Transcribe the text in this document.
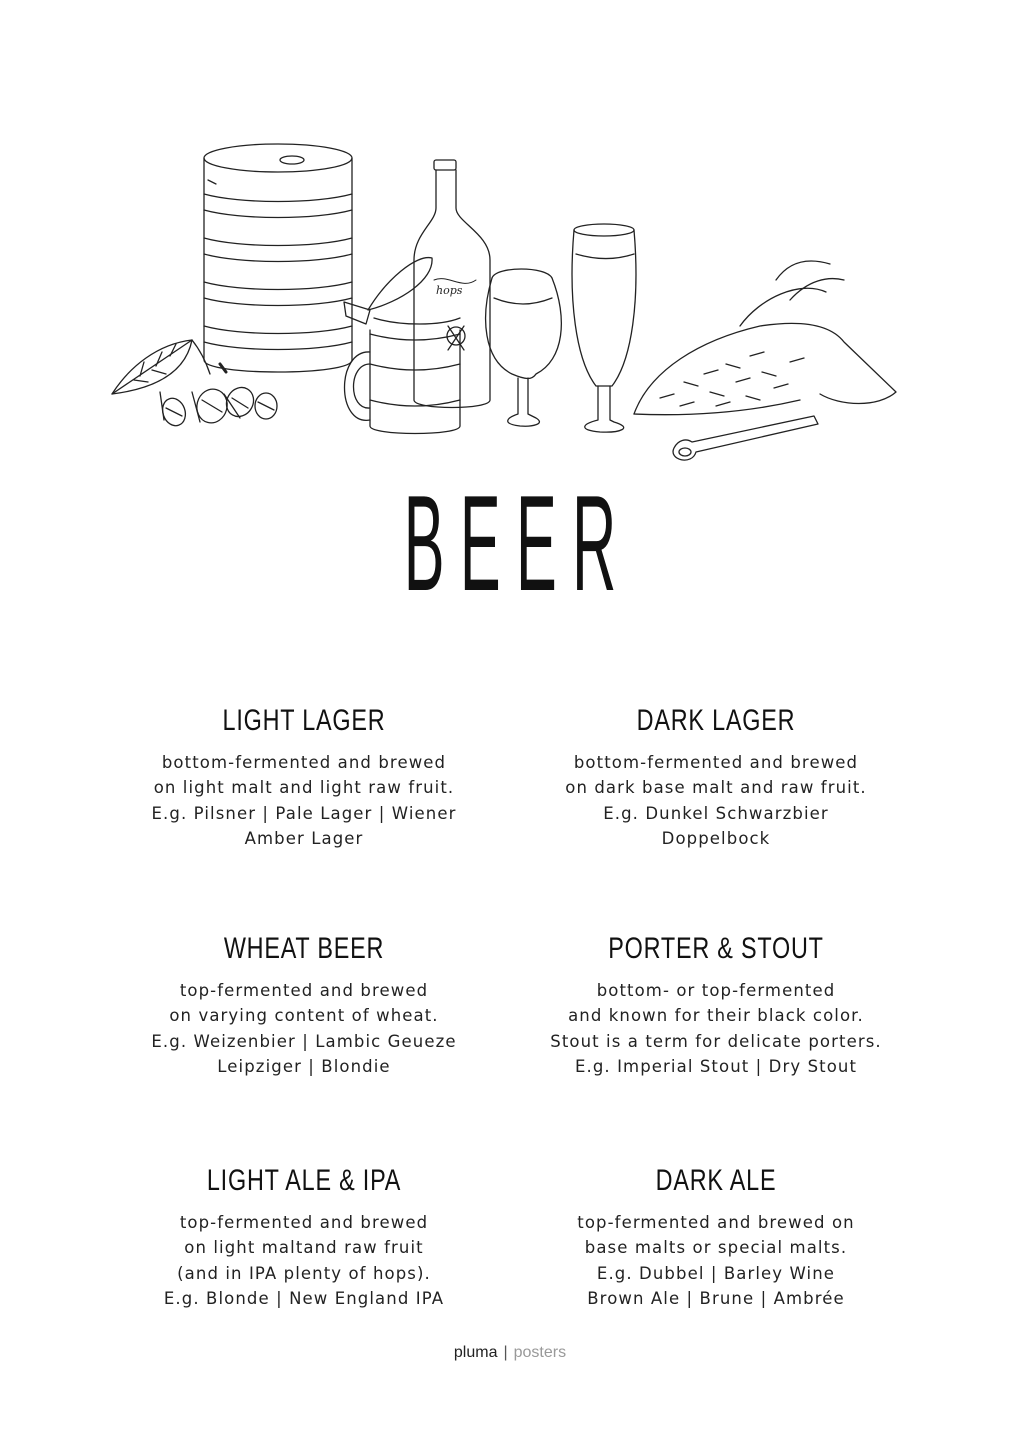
hops
BEER
LIGHT LAGER
bottom-fermented and brewed
on light malt and light raw fruit.
E.g. Pilsner | Pale Lager | Wiener
Amber Lager
DARK LAGER
bottom-fermented and brewed
on dark base malt and raw fruit.
E.g. Dunkel Schwarzbier
Doppelbock
WHEAT BEER
top-fermented and brewed
on varying content of wheat.
E.g. Weizenbier | Lambic Geueze
Leipziger | Blondie
PORTER & STOUT
bottom- or top-fermented
and known for their black color.
Stout is a term for delicate porters.
E.g. Imperial Stout | Dry Stout
LIGHT ALE & IPA
top-fermented and brewed
on light maltand raw fruit
(and in IPA plenty of hops).
E.g. Blonde | New England IPA
DARK ALE
top-fermented and brewed on
base malts or special malts.
E.g. Dubbel | Barley Wine
Brown Ale | Brune | Ambrée
pluma | posters
